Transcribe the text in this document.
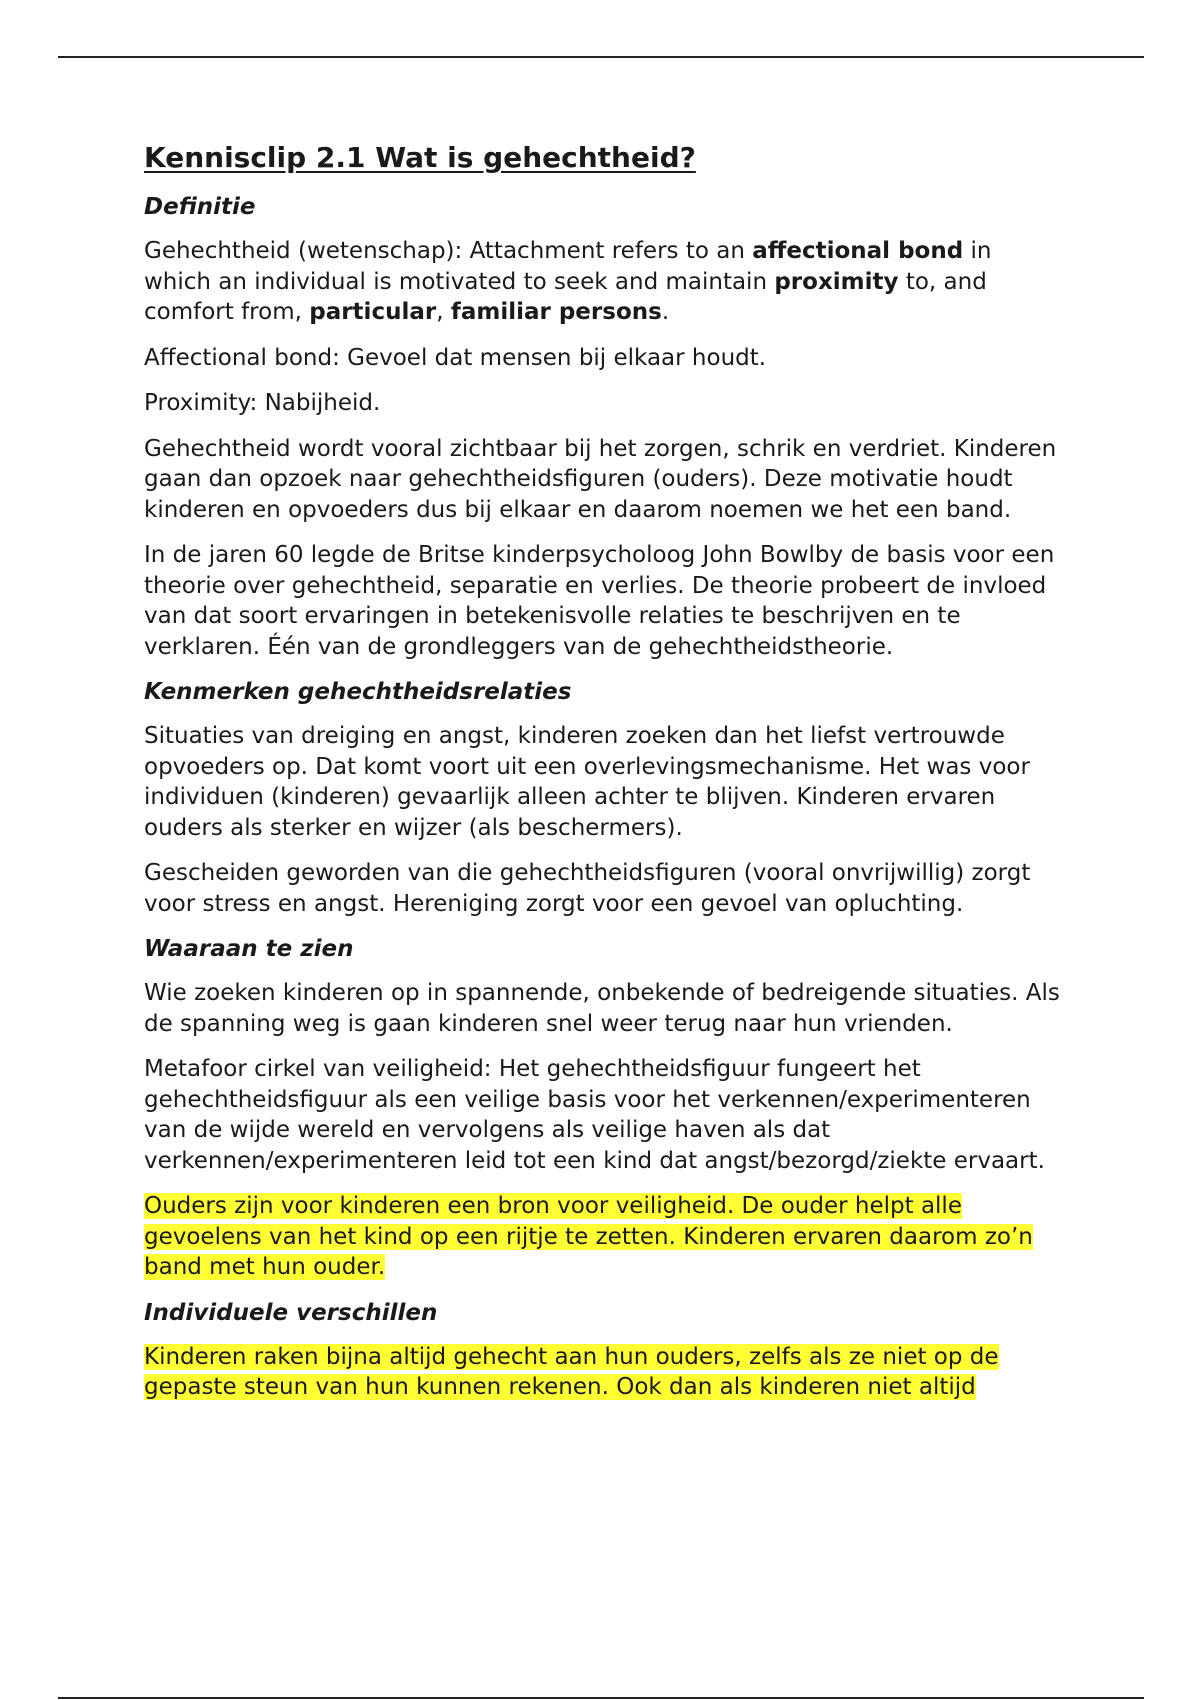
Kennisclip 2.1 Wat is gehechtheid?
Definitie

Gehechtheid (wetenschap): Attachment refers to an affectional bond in which an individual is motivated to seek and maintain proximity to, and comfort from, particular, familiar persons.

Affectional bond: Gevoel dat mensen bij elkaar houdt.

Proximity: Nabijheid.

Gehechtheid wordt vooral zichtbaar bij het zorgen, schrik en verdriet. Kinderen gaan dan opzoek naar gehechtheidsfiguren (ouders). Deze motivatie houdt kinderen en opvoeders dus bij elkaar en daarom noemen we het een band.

In de jaren 60 legde de Britse kinderpsycholoog John Bowlby de basis voor een theorie over gehechtheid, separatie en verlies. De theorie probeert de invloed van dat soort ervaringen in betekenisvolle relaties te beschrijven en te verklaren. Één van de grondleggers van de gehechtheidstheorie.

Kenmerken gehechtheidsrelaties

Situaties van dreiging en angst, kinderen zoeken dan het liefst vertrouwde opvoeders op. Dat komt voort uit een overlevingsmechanisme. Het was voor individuen (kinderen) gevaarlijk alleen achter te blijven. Kinderen ervaren ouders als sterker en wijzer (als beschermers).

Gescheiden geworden van die gehechtheidsfiguren (vooral onvrijwillig) zorgt voor stress en angst. Hereniging zorgt voor een gevoel van opluchting.

Waaraan te zien

Wie zoeken kinderen op in spannende, onbekende of bedreigende situaties. Als de spanning weg is gaan kinderen snel weer terug naar hun vrienden.

Metafoor cirkel van veiligheid: Het gehechtheidsfiguur fungeert het gehechtheidsfiguur als een veilige basis voor het verkennen/experimenteren van de wijde wereld en vervolgens als veilige haven als dat verkennen/experimenteren leid tot een kind dat angst/bezorgd/ziekte ervaart.

Ouders zijn voor kinderen een bron voor veiligheid. De ouder helpt alle gevoelens van het kind op een rijtje te zetten. Kinderen ervaren daarom zo’n band met hun ouder.

Individuele verschillen

Kinderen raken bijna altijd gehecht aan hun ouders, zelfs als ze niet op de gepaste steun van hun kunnen rekenen. Ook dan als kinderen niet altijd
